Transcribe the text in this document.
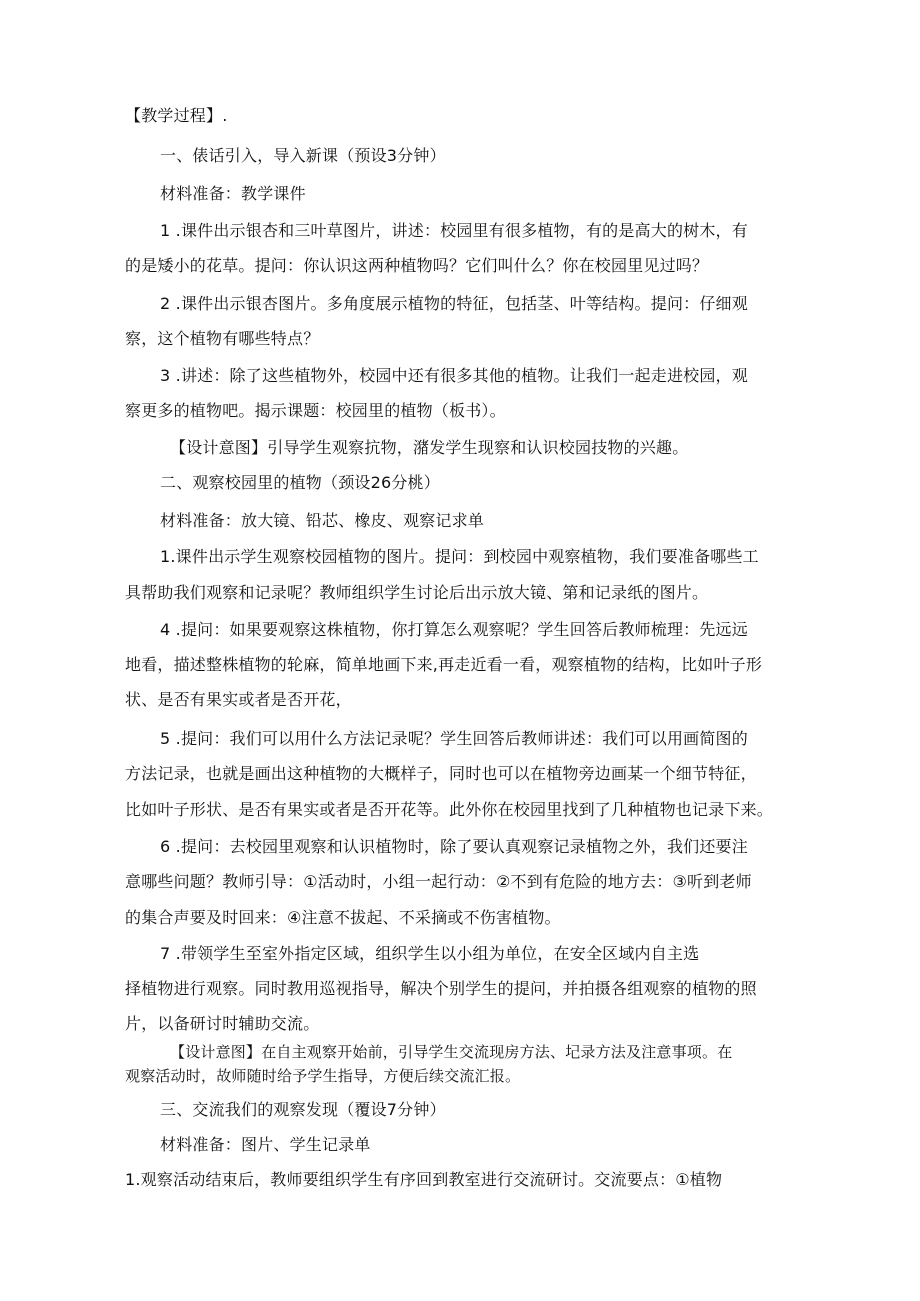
【教学过程】.
一、俵话引入，导入新课（预设3分钟）
材料准备：教学课件
1 .课件出示银杏和三叶草图片，讲述：校园里有很多植物，有的是高大的树木，有
的是矮小的花草。提问：你认识这两种植物吗？它们叫什么？你在校园里见过吗？
2 .课件出示银杏图片。多角度展示植物的特征，包括茎、叶等结构。提问：仔细观
察，这个植物有哪些特点？
3 .讲述：除了这些植物外，校园中还有很多其他的植物。让我们一起走进校园，观
察更多的植物吧。揭示课题：校园里的植物（板书）。
【设计意图】引导学生观察抗物，潴发学生现察和认识校园技物的兴趣。
二、观察校园里的植物（颈设26分桃）
材料准备：放大镜、铅芯、橡皮、观察记求单
1.课件出示学生观察校园植物的图片。提问：到校园中观察植物，我们要准备哪些工
具帮助我们观察和记录呢？教师组织学生讨论后出示放大镜、第和记录纸的图片。
4 .提问：如果要观察这株植物，你打算怎么观察呢？学生回答后教师梳理：先远远
地看，描述整株植物的轮麻，简单地画下来,再走近看一看，观察植物的结构，比如叶子形
状、是否有果实或者是否开花，
5 .提问：我们可以用什么方法记录呢？学生回答后教师讲述：我们可以用画简图的
方法记录，也就是画出这种植物的大概样子，同时也可以在植物旁边画某一个细节特征，
比如叶子形状、是否有果实或者是否开花等。此外你在校园里找到了几种植物也记录下来。
6 .提问：去校园里观察和认识植物时，除了要认真观察记录植物之外，我们还要注
意哪些问题？教师引导：①活动时，小组一起行动：②不到有危险的地方去：③听到老师
的集合声要及时回来：④注意不拔起、不采摘或不伤害植物。
7 .带领学生至室外指定区域，组织学生以小组为单位，在安全区域内自主选
择植物进行观察。同时教用巡视指导，解决个别学生的提问，并拍摄各组观察的植物的照
片，以备研讨时辅助交流。
【设计意图】在自主观察开始前，引导学生交流现房方法、圮录方法及注意事项。在
观察活动时，故师随时给予学生指导，方便后续交流汇报。
三、交流我们的观察发现（覆设7分钟）
材料准备：图片、学生记录单
1.观察活动结束后，教师要组织学生有序回到教室进行交流研讨。交流要点：①植物
